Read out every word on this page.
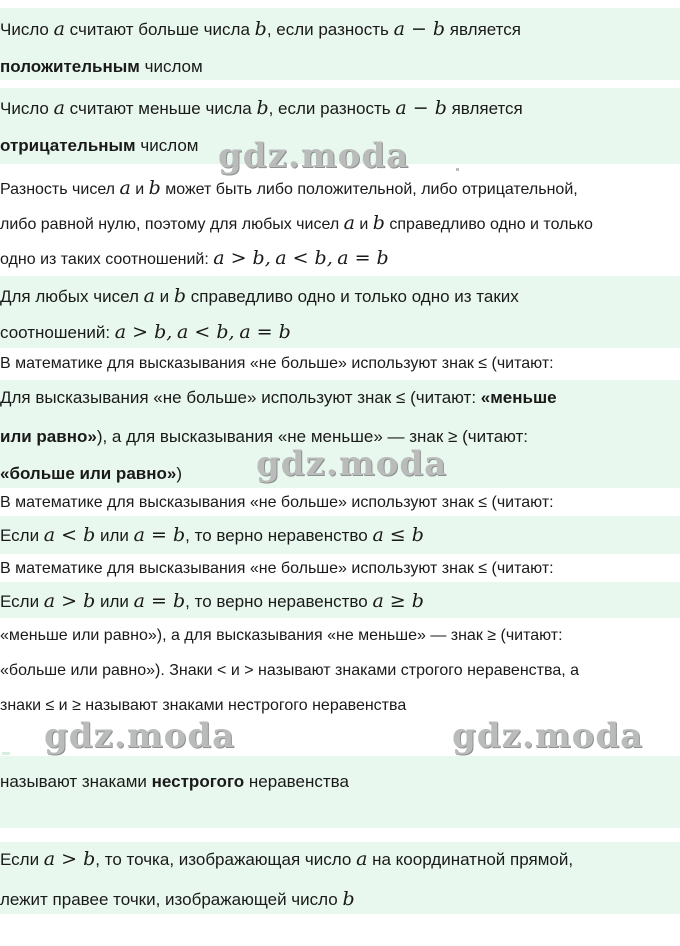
Число a считают больше числа b, если разность a − b является
положительным числом
Число a считают меньше числа b, если разность a − b является
отрицательным числом
Разность чисел a и b может быть либо положительной, либо отрицательной,
либо равной нулю, поэтому для любых чисел a и b справедливо одно и только
одно из таких соотношений: a > b, a < b, a = b
Для любых чисел a и b справедливо одно и только одно из таких
соотношений: a > b, a < b, a = b
В математике для высказывания «не больше» используют знак ≤ (читают:
Для высказывания «не больше» используют знак ≤ (читают: «меньше
или равно»), а для высказывания «не меньше» — знак ≥ (читают:
«больше или равно»)
В математике для высказывания «не больше» используют знак ≤ (читают:
Если a < b или a = b, то верно неравенство a ≤ b
В математике для высказывания «не больше» используют знак ≤ (читают:
Если a > b или a = b, то верно неравенство a ≥ b
«меньше или равно»), а для высказывания «не меньше» — знак ≥ (читают:
«больше или равно»). Знаки < и > называют знаками строгого неравенства, а
знаки ≤ и ≥ называют знаками нестрогого неравенства
называют знаками нестрогого неравенства
Если a > b, то точка, изображающая число a на координатной прямой,
лежит правее точки, изображающей число b
gdz.moda
gdz.moda
gdz.moda	gdz.moda
